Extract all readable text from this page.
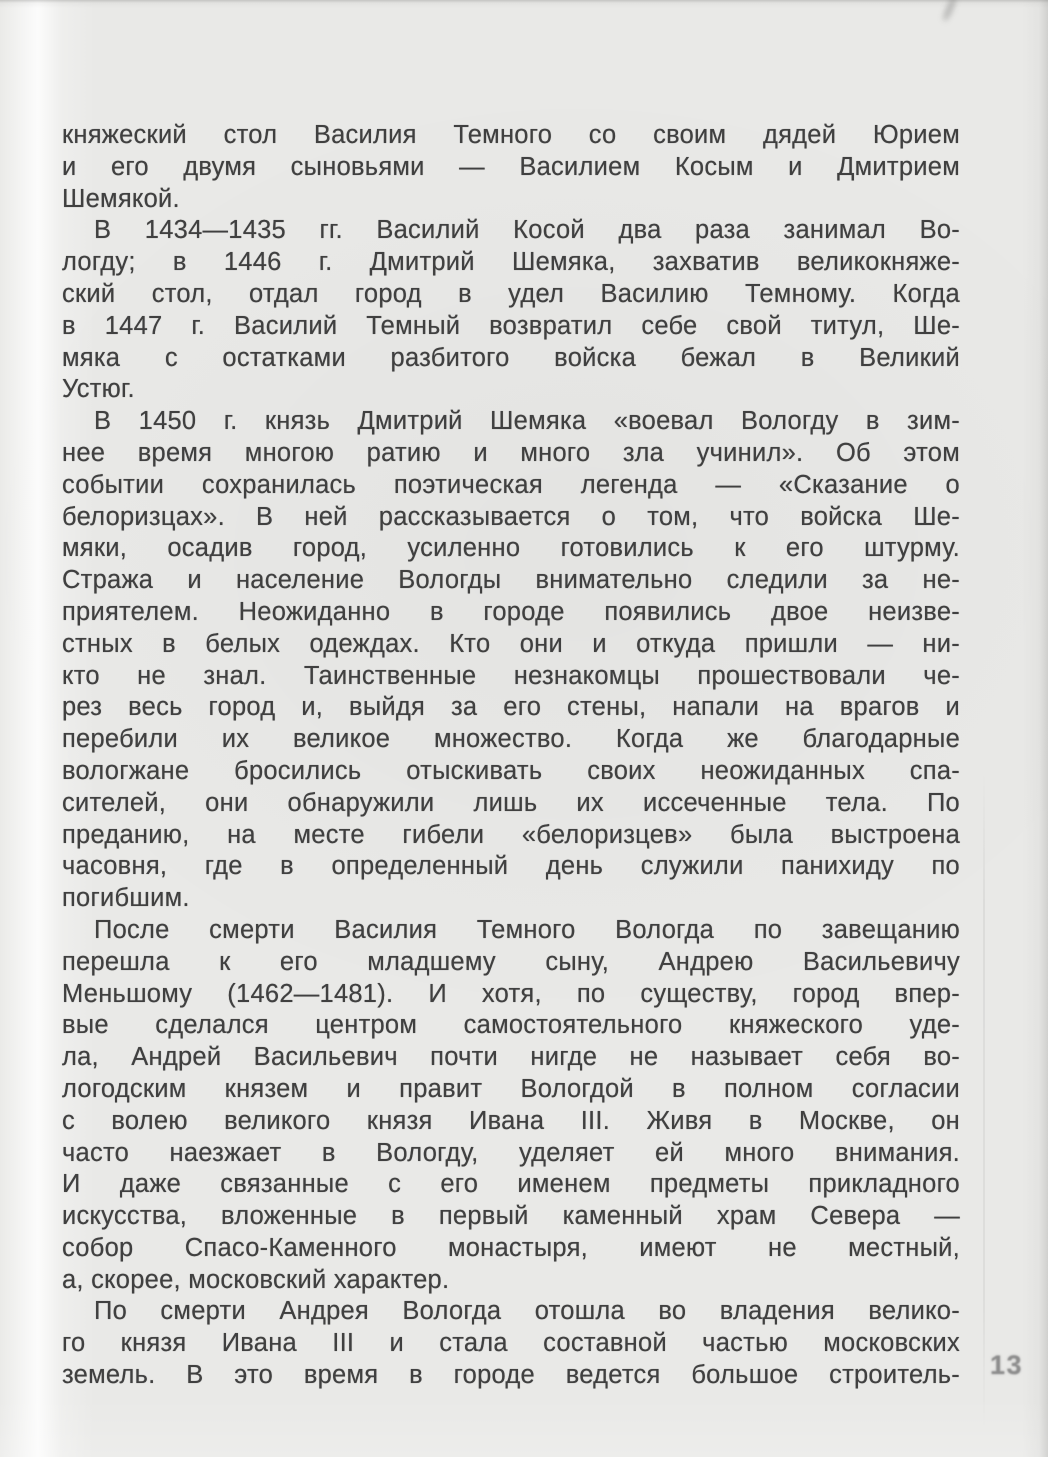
княжеский стол Василия Темного со своим дядей Юрием
и его двумя сыновьями — Василием Косым и Дмитрием
Шемякой.
В 1434—1435 гг. Василий Косой два раза занимал Во-
логду; в 1446 г. Дмитрий Шемяка, захватив великокняже-
ский стол, отдал город в удел Василию Темному. Когда
в 1447 г. Василий Темный возвратил себе свой титул, Ше-
мяка с остатками разбитого войска бежал в Великий
Устюг.
В 1450 г. князь Дмитрий Шемяка «воевал Вологду в зим-
нее время многою ратию и много зла учинил». Об этом
событии сохранилась поэтическая легенда — «Сказание о
белоризцах». В ней рассказывается о том, что войска Ше-
мяки, осадив город, усиленно готовились к его штурму.
Стража и население Вологды внимательно следили за не-
приятелем. Неожиданно в городе появились двое неизве-
стных в белых одеждах. Кто они и откуда пришли — ни-
кто не знал. Таинственные незнакомцы прошествовали че-
рез весь город и, выйдя за его стены, напали на врагов и
перебили их великое множество. Когда же благодарные
вологжане бросились отыскивать своих неожиданных спа-
сителей, они обнаружили лишь их иссеченные тела. По
преданию, на месте гибели «белоризцев» была выстроена
часовня, где в определенный день служили панихиду по
погибшим.
После смерти Василия Темного Вологда по завещанию
перешла к его младшему сыну, Андрею Васильевичу
Меньшому (1462—1481). И хотя, по существу, город впер-
вые сделался центром самостоятельного княжеского уде-
ла, Андрей Васильевич почти нигде не называет себя во-
логодским князем и правит Вологдой в полном согласии
с волею великого князя Ивана III. Живя в Москве, он
часто наезжает в Вологду, уделяет ей много внимания.
И даже связанные с его именем предметы прикладного
искусства, вложенные в первый каменный храм Севера —
собор Спасо-Каменного монастыря, имеют не местный,
а, скорее, московский характер.
По смерти Андрея Вологда отошла во владения велико-
го князя Ивана III и стала составной частью московских
земель. В это время в городе ведется большое строитель- 13
